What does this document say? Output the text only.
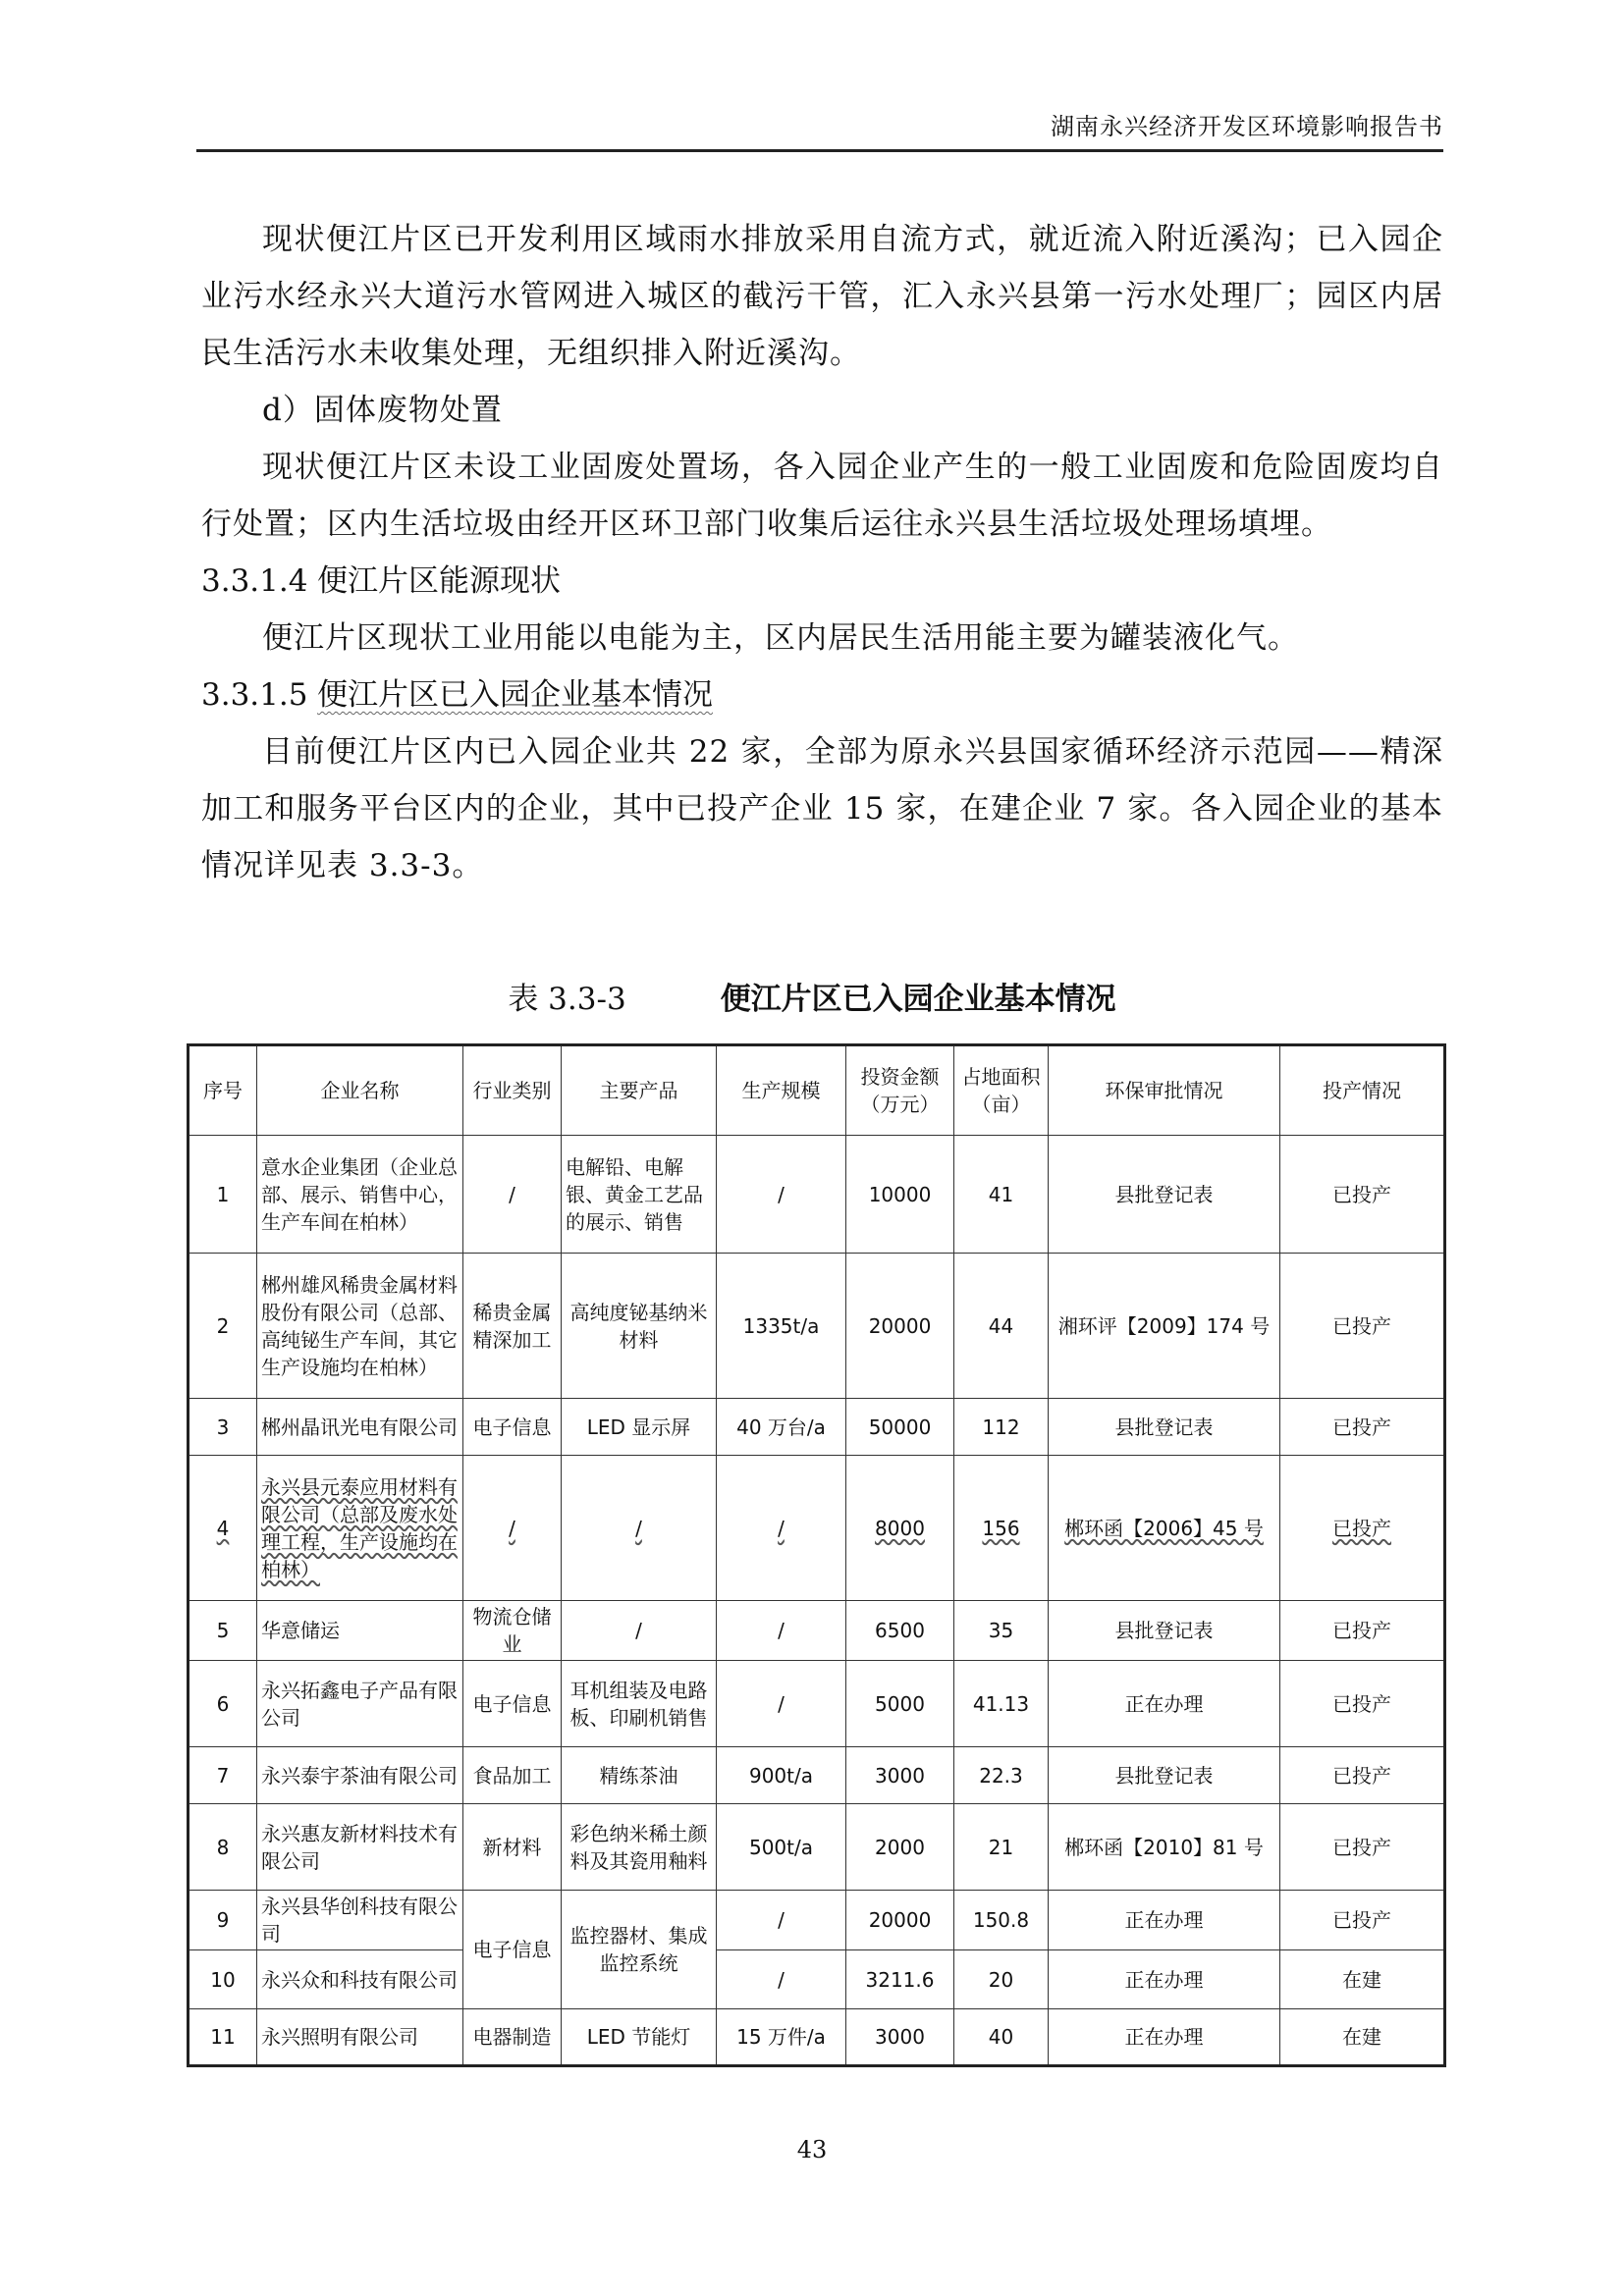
湖南永兴经济开发区环境影响报告书

现状便江片区已开发利用区域雨水排放采用自流方式，就近流入附近溪沟；已入园企业污水经永兴大道污水管网进入城区的截污干管，汇入永兴县第一污水处理厂；园区内居民生活污水未收集处理，无组织排入附近溪沟。

d）固体废物处置

现状便江片区未设工业固废处置场，各入园企业产生的一般工业固废和危险固废均自行处置；区内生活垃圾由经开区环卫部门收集后运往永兴县生活垃圾处理场填埋。

3.3.1.4 便江片区能源现状

便江片区现状工业用能以电能为主，区内居民生活用能主要为罐装液化气。

3.3.1.5 便江片区已入园企业基本情况

目前便江片区内已入园企业共 22 家，全部为原永兴县国家循环经济示范园——精深加工和服务平台区内的企业，其中已投产企业 15 家，在建企业 7 家。各入园企业的基本情况详见表 3.3-3。

表 3.3-3	便江片区已入园企业基本情况
序号	企业名称	行业类别	主要产品	生产规模	投资金额（万元）	占地面积（亩）	环保审批情况	投产情况
1	意水企业集团（企业总部、展示、销售中心，生产车间在柏林）	/	电解铅、电解银、黄金工艺品的展示、销售	/	10000	41	县批登记表	已投产
2	郴州雄风稀贵金属材料股份有限公司（总部、高纯铋生产车间，其它生产设施均在柏林）	稀贵金属精深加工	高纯度铋基纳米材料	1335t/a	20000	44	湘环评【2009】174 号	已投产
3	郴州晶讯光电有限公司	电子信息	LED 显示屏	40 万台/a	50000	112	县批登记表	已投产
4	永兴县元泰应用材料有限公司（总部及废水处理工程，生产设施均在柏林）	/	/	/	8000	156	郴环函【2006】45 号	已投产
5	华意储运	物流仓储业	/	/	6500	35	县批登记表	已投产
6	永兴拓鑫电子产品有限公司	电子信息	耳机组装及电路板、印刷机销售	/	5000	41.13	正在办理	已投产
7	永兴泰宇茶油有限公司	食品加工	精练茶油	900t/a	3000	22.3	县批登记表	已投产
8	永兴惠友新材料技术有限公司	新材料	彩色纳米稀土颜料及其瓷用釉料	500t/a	2000	21	郴环函【2010】81 号	已投产
9	永兴县华创科技有限公司	电子信息	监控器材、集成监控系统	/	20000	150.8	正在办理	已投产
10	永兴众和科技有限公司			/	3211.6	20	正在办理	在建
11	永兴照明有限公司	电器制造	LED 节能灯	15 万件/a	3000	40	正在办理	在建
43
